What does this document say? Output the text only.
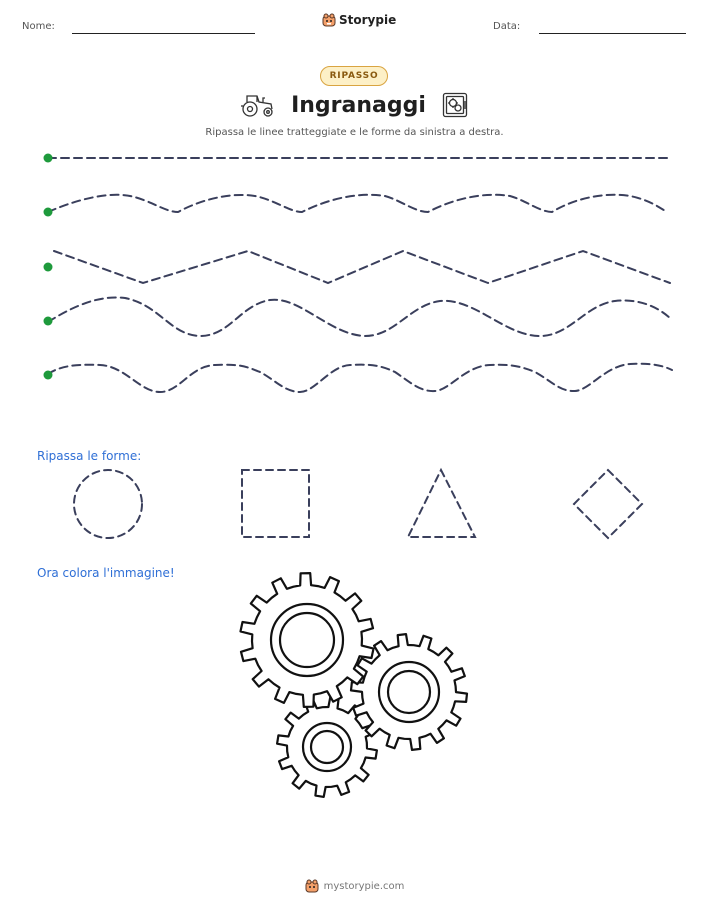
Nome:	Storypie	Data:
RIPASSO
Ingranaggi
Ripassa le linee tratteggiate e le forme da sinistra a destra.
Ripassa le forme:
Ora colora l'immagine!
mystorypie.com
